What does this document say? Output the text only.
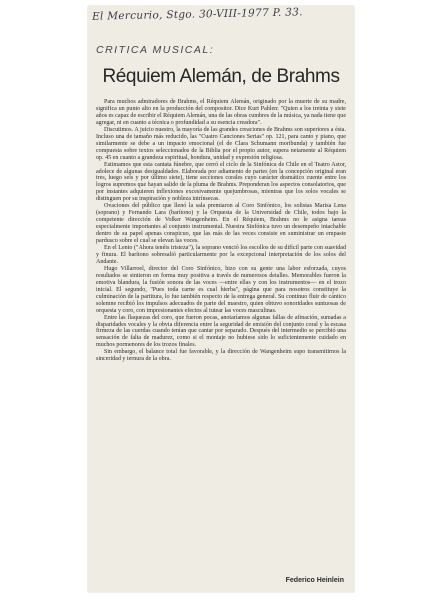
El Mercurio, Stgo. 30-VIII-1977 P. 33.
CRITICA MUSICAL:
Réquiem Alemán, de Brahms

Para muchos admiradores de Brahms, el Réquiem Alemán, originado por la muerte de su madre, significa un punto alto en la producción del compositor. Dice Kurt Pahlen: "Quien a los treinta y siete años es capaz de escribir el Réquiem Alemán, una de las obras cumbres de la música, ya nada tiene que agregar, ni en cuanto a técnica o profundidad a su esencia creadora".

Discutimos. A juicio nuestro, la mayoría de las grandes creaciones de Brahms son superiores a ésta. Incluso una de tamaño más reducido, las "Cuatro Canciones Serias" op. 121, para canto y piano, que similarmente se debe a un impacto emocional (el de Clara Schumann moribunda) y también fue compuesta sobre textos seleccionados de la Biblia por el propio autor, supera netamente al Réquiem op. 45 en cuanto a grandeza espiritual, hondura, unidad y expresión religiosa.

Estimamos que esta cantata fúnebre, que cerró el ciclo de la Sinfónica de Chile en el Teatro Astor, adolece de algunas desigualdades. Elaborada por adiamento de partes (en la concepción original eran tres, luego seis y por último siete), tiene secciones corales cuyo carácter dramático cuente entre los logros supremos que hayan salido de la pluma de Brahms. Preponderan los aspectos consolatorios, que por instantes adquieren inflexiones excesivamente quejumbrosas, mientras que los solos vocales se distinguen por su inspiración y nobleza intrínsecas.

Ovaciones del público que llenó la sala premiaron al Coro Sinfónico, los solistas Marisa Lena (soprano) y Fernando Lara (barítono) y la Orquesta de la Universidad de Chile, todos bajo la competente dirección de Volker Wangenheim. En el Réquiem, Brahms no le asigna tareas especialmente importantes al conjunto instrumental. Nuestra Sinfónica tuvo un desempeño intachable dentro de su papel apenas conspicuo, que las más de las veces consiste en suministrar un empaste pardusco sobre el cual se elevan las voces.

En el Lento ("Ahora tenéis tristeza"), la soprano venció los escollos de su difícil parte con suavidad y finura. El barítono sobresalió particularmente por la excepcional interpretación de los solos del Andante.

Hugo Villarroel, director del Coro Sinfónico, hizo con su gente una labor esforzada, cuyos resultados se sintieron en forma muy positiva a través de numerosos detalles. Memorables fueron la emotiva blandura, la fusión sonora de las voces —entre ellas y con los instrumentos— en el trozo inicial. El segundo, "Pues toda carne es cual hierba", página que para nosotros constituye la culminación de la partitura, lo fue también respecto de la entrega general. Su continuo fluir de cántico solemne recibió los impulsos adecuados de parte del maestro, quien obtuvo sonoridades suntuosas de orquesta y coro, con impresionantes efectos al tutear las voces masculinas.

Entre las flaquezas del coro, que fueron pocas, anotaríamos algunas fallas de afinación, sumadas a disparidades vocales y la obvia diferencia entre la seguridad de emisión del conjunto coral y la escasa firmeza de las cuerdas cuando tenían que cantar por separado. Después del intermedio se percibió una sensación de falta de madurez, como si el montaje no hubiese sido lo suficientemente cuidado en muchos pormenores de los trozos finales.

Sin embargo, el balance total fue favorable, y la dirección de Wangenheim supo transmitirnos la sinceridad y ternura de la obra.

Federico Heinlein
